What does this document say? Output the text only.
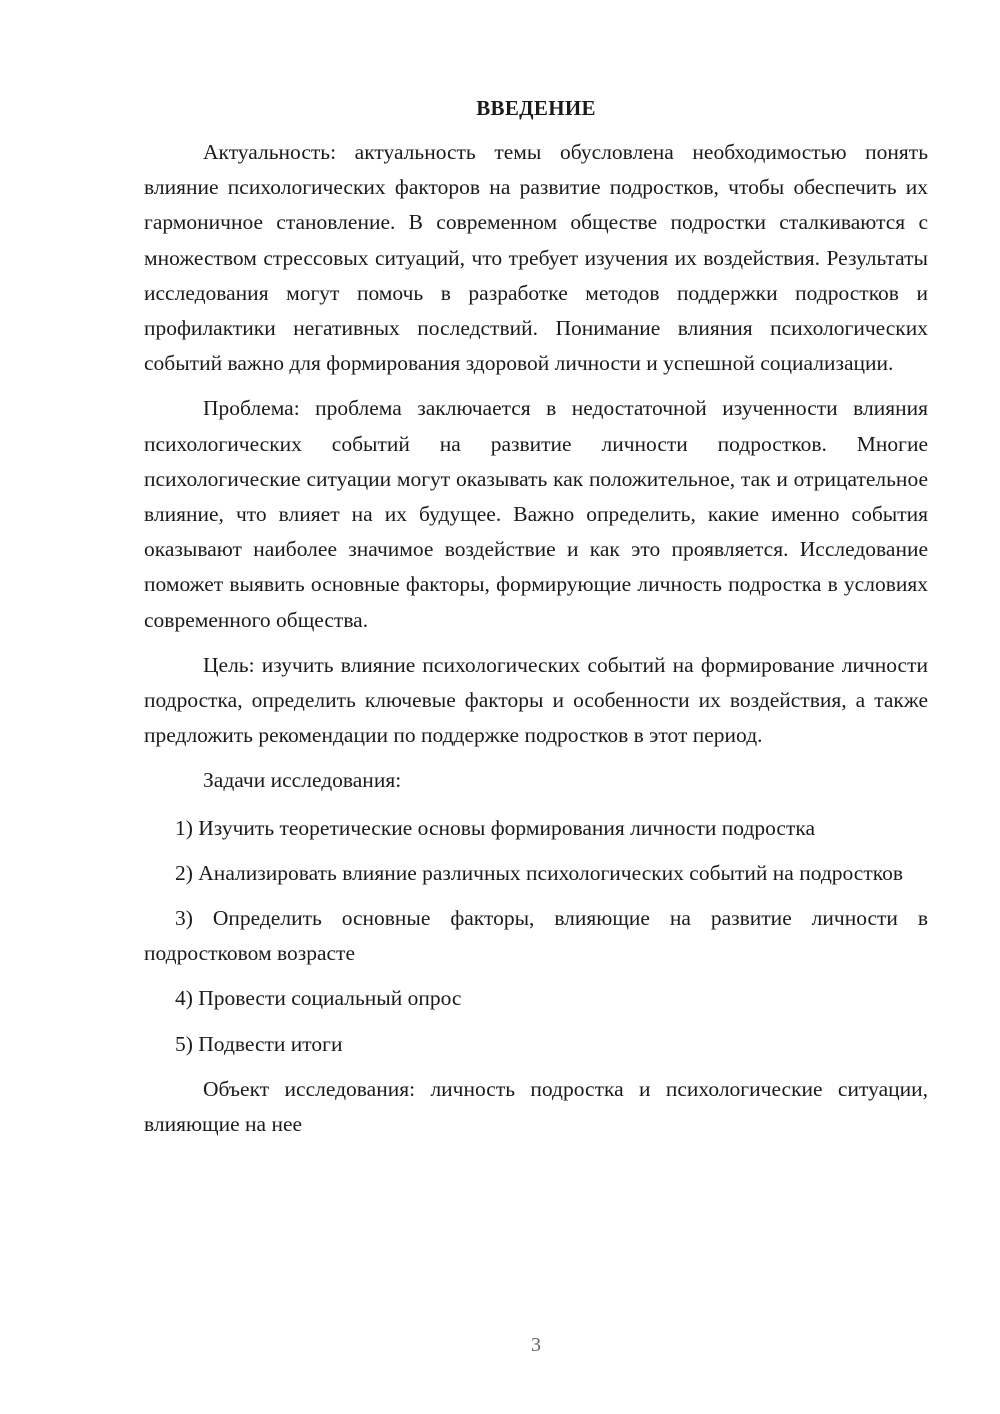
ВВЕДЕНИЕ

Актуальность: актуальность темы обусловлена необходимостью понять влияние психологических факторов на развитие подростков, чтобы обеспечить их гармоничное становление. В современном обществе подростки сталкиваются с множеством стрессовых ситуаций, что требует изучения их воздействия. Результаты исследования могут помочь в разработке методов поддержки подростков и профилактики негативных последствий. Понимание влияния психологических событий важно для формирования здоровой личности и успешной социализации.

Проблема: проблема заключается в недостаточной изученности влияния психологических событий на развитие личности подростков. Многие психологические ситуации могут оказывать как положительное, так и отрицательное влияние, что влияет на их будущее. Важно определить, какие именно события оказывают наиболее значимое воздействие и как это проявляется. Исследование поможет выявить основные факторы, формирующие личность подростка в условиях современного общества.

Цель: изучить влияние психологических событий на формирование личности подростка, определить ключевые факторы и особенности их воздействия, а также предложить рекомендации по поддержке подростков в этот период.

Задачи исследования:

1) Изучить теоретические основы формирования личности подростка

2) Анализировать влияние различных психологических событий на подростков

3) Определить основные факторы, влияющие на развитие личности в подростковом возрасте

4) Провести социальный опрос

5) Подвести итоги

Объект исследования: личность подростка и психологические ситуации, влияющие на нее

3
